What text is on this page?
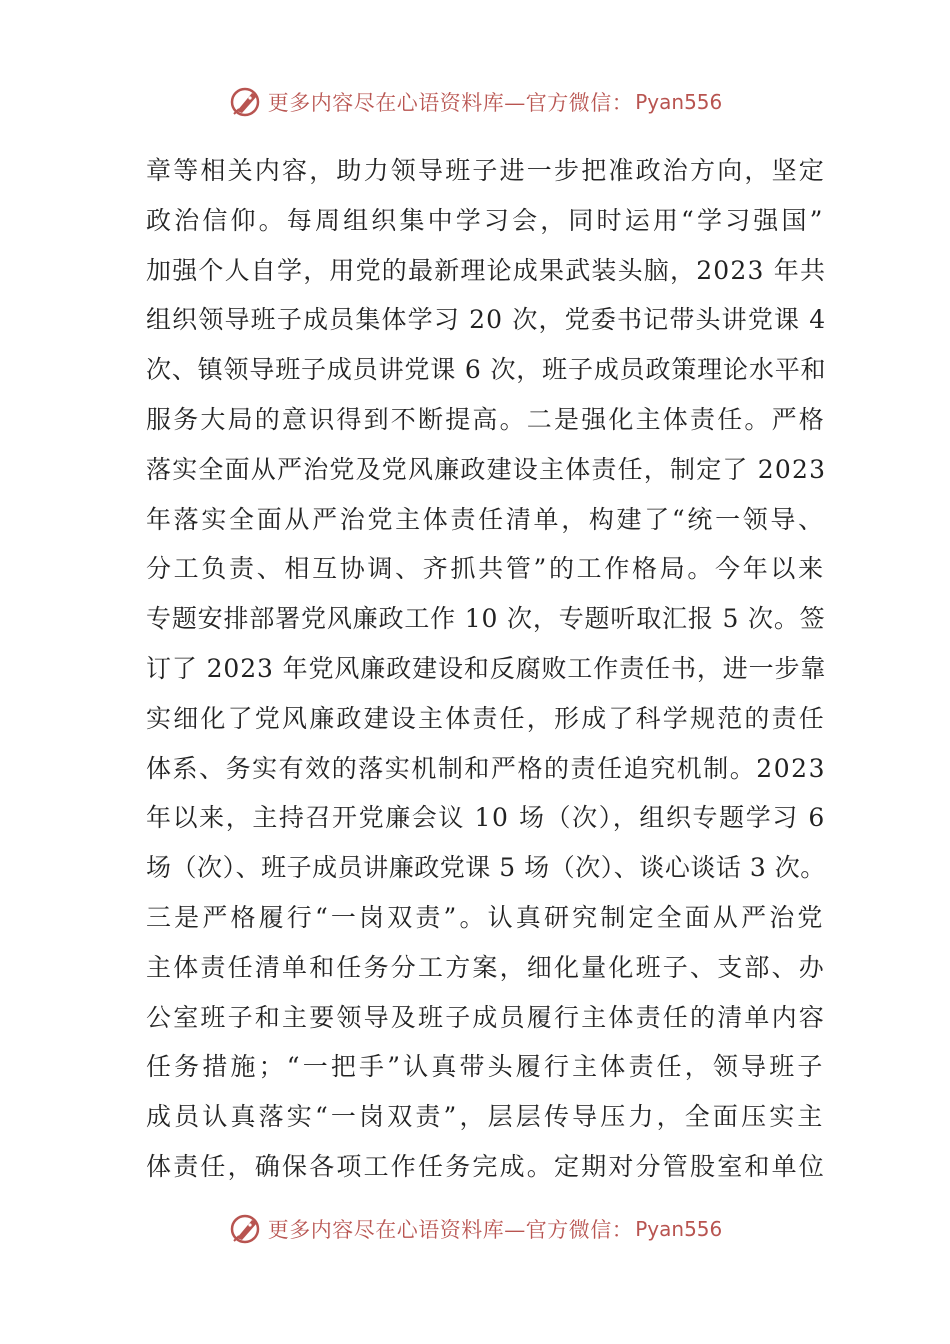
更多内容尽在心语资料库—官方微信： Pyan556
章等相关内容，助力领导班子进一步把准政治方向，坚定
政治信仰。每周组织集中学习会，同时运用“学习强国”
加强个人自学，用党的最新理论成果武装头脑，2023 年共
组织领导班子成员集体学习 20 次，党委书记带头讲党课 4
次、镇领导班子成员讲党课 6 次，班子成员政策理论水平和
服务大局的意识得到不断提高。二是强化主体责任。严格
落实全面从严治党及党风廉政建设主体责任，制定了 2023
年落实全面从严治党主体责任清单，构建了“统一领导、
分工负责、相互协调、齐抓共管”的工作格局。今年以来
专题安排部署党风廉政工作 10 次，专题听取汇报 5 次。签
订了 2023 年党风廉政建设和反腐败工作责任书，进一步靠
实细化了党风廉政建设主体责任，形成了科学规范的责任
体系、务实有效的落实机制和严格的责任追究机制。2023
年以来，主持召开党廉会议 10 场（次），组织专题学习 6
场（次）、班子成员讲廉政党课 5 场（次）、谈心谈话 3 次。
三是严格履行“一岗双责”。认真研究制定全面从严治党
主体责任清单和任务分工方案，细化量化班子、支部、办
公室班子和主要领导及班子成员履行主体责任的清单内容
任务措施；“一把手”认真带头履行主体责任，领导班子
成员认真落实“一岗双责”，层层传导压力，全面压实主
体责任，确保各项工作任务完成。定期对分管股室和单位
更多内容尽在心语资料库—官方微信： Pyan556
